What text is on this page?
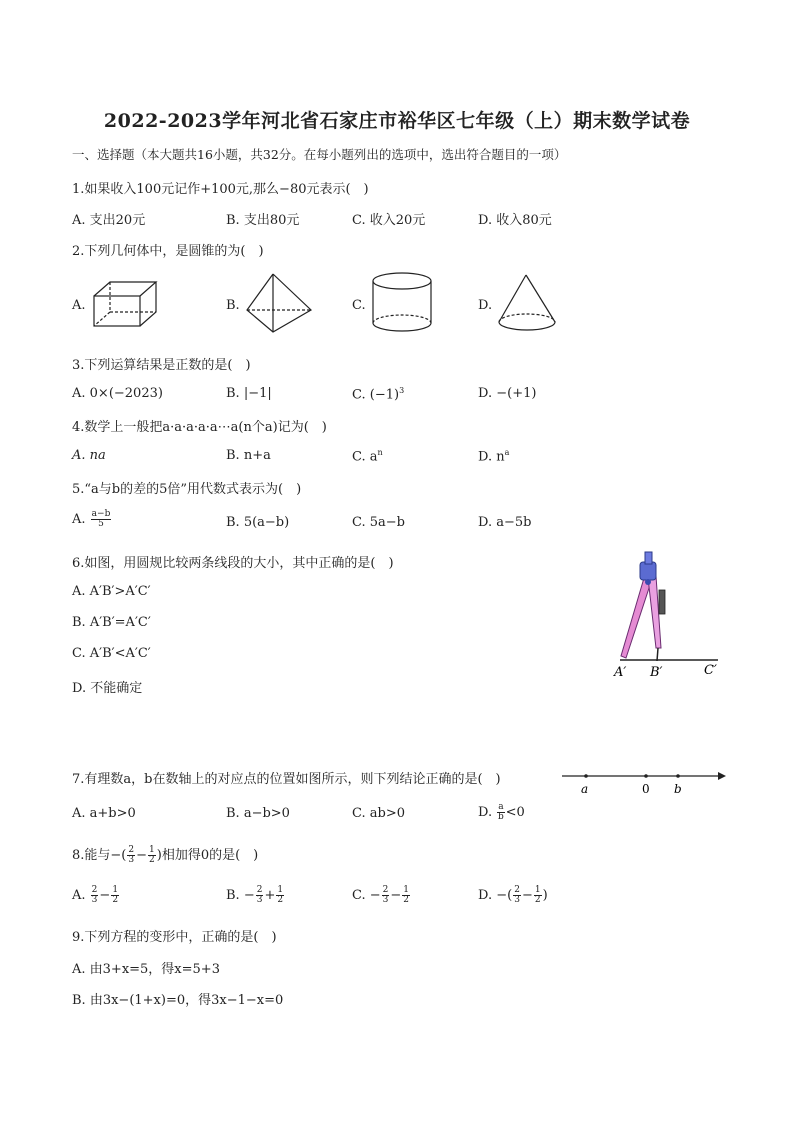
2022-2023学年河北省石家庄市裕华区七年级（上）期末数学试卷
一、选择题（本大题共16小题，共32分。在每小题列出的选项中，选出符合题目的一项）
1.如果收入100元记作+100元,那么−80元表示(　)
A. 支出20元	B. 支出80元	C. 收入20元	D. 收入80元
2.下列几何体中，是圆锥的为(　)
A.	B.	C.	D.
3.下列运算结果是正数的是(　)
A. 0×(−2023)	B. |−1|	C. $(-1)^3$	D. −(+1)
4.数学上一般把a·a·a·a·a⋯a(n个a)记为(　)
A. na	B. n+a	C. $a^n$	D. $n^a$
5.“a与b的差的5倍”用代数式表示为(　)
A. $\frac{a-b}{5}$	B. 5(a−b)	C. 5a−b	D. a−5b
6.如图，用圆规比较两条线段的大小，其中正确的是(　)
A. A′B′>A′C′
B. A′B′=A′C′
C. A′B′<A′C′
D. 不能确定
A′ B′	C′
7.有理数a，b在数轴上的对应点的位置如图所示，则下列结论正确的是(　)
a	0 b
A. a+b>0	B. a−b>0	C. ab>0	D. $\frac{a}{b} <0$
8.能与−( $\frac{2}{3} - \frac{1}{2}$ )相加得0的是(　)
A. $\frac{2}{3} - \frac{1}{2}$	B. − $\frac{2}{3} + \frac{1}{2}$	C. − $\frac{2}{3} - \frac{1}{2}$	D. −( $\frac{2}{3} - \frac{1}{2}$ )
9.下列方程的变形中，正确的是(　)
A. 由3+x=5，得x=5+3
B. 由3x−(1+x)=0，得3x−1−x=0
